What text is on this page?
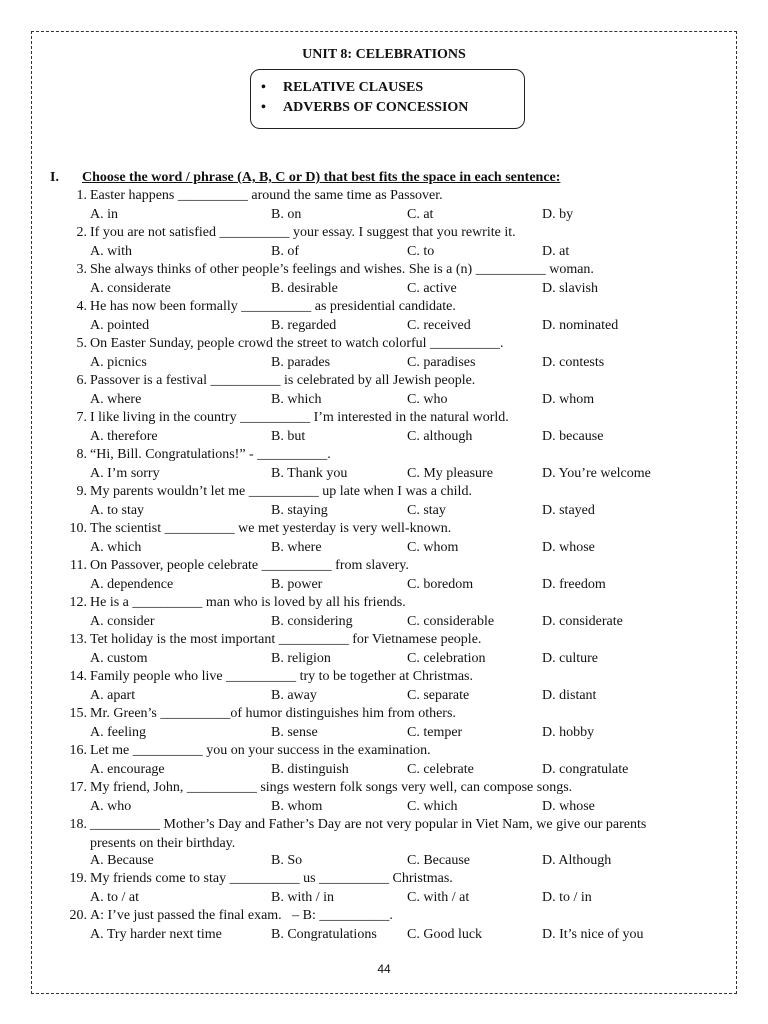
UNIT 8: CELEBRATIONS
• RELATIVE CLAUSES
• ADVERBS OF CONCESSION
I. Choose the word / phrase (A, B, C or D) that best fits the space in each sentence:
1. Easter happens __________ around the same time as Passover.
A. in	B. on	C. at	D. by
2. If you are not satisfied __________ your essay. I suggest that you rewrite it.
A. with	B. of	C. to	D. at
3. She always thinks of other people’s feelings and wishes. She is a (n) __________ woman.
A. considerate	B. desirable	C. active	D. slavish
4. He has now been formally __________ as presidential candidate.
A. pointed	B. regarded	C. received	D. nominated
5. On Easter Sunday, people crowd the street to watch colorful __________.
A. picnics	B. parades	C. paradises	D. contests
6. Passover is a festival __________ is celebrated by all Jewish people.
A. where	B. which	C. who	D. whom
7. I like living in the country __________ I’m interested in the natural world.
A. therefore	B. but	C. although	D. because
8. “Hi, Bill. Congratulations!” - __________.
A. I’m sorry	B. Thank you	C. My pleasure	D. You’re welcome
9. My parents wouldn’t let me __________ up late when I was a child.
A. to stay	B. staying	C. stay	D. stayed
10. The scientist __________ we met yesterday is very well-known.
A. which	B. where	C. whom	D. whose
11. On Passover, people celebrate __________ from slavery.
A. dependence	B. power	C. boredom	D. freedom
12. He is a __________ man who is loved by all his friends.
A. consider	B. considering	C. considerable	D. considerate
13. Tet holiday is the most important __________ for Vietnamese people.
A. custom	B. religion	C. celebration	D. culture
14. Family people who live __________ try to be together at Christmas.
A. apart	B. away	C. separate	D. distant
15. Mr. Green’s __________of humor distinguishes him from others.
A. feeling	B. sense	C. temper	D. hobby
16. Let me __________ you on your success in the examination.
A. encourage	B. distinguish	C. celebrate	D. congratulate
17. My friend, John, __________ sings western folk songs very well, can compose songs.
A. who	B. whom	C. which	D. whose
18. __________ Mother’s Day and Father’s Day are not very popular in Viet Nam, we give our parents
presents on their birthday.
A. Because	B. So	C. Because	D. Although
19. My friends come to stay __________ us __________ Christmas.
A. to / at	B. with / in	C. with / at	D. to / in
20. A: I’ve just passed the final exam.   – B: __________.
A. Try harder next time	B. Congratulations C. Good luck	D. It’s nice of you
44
